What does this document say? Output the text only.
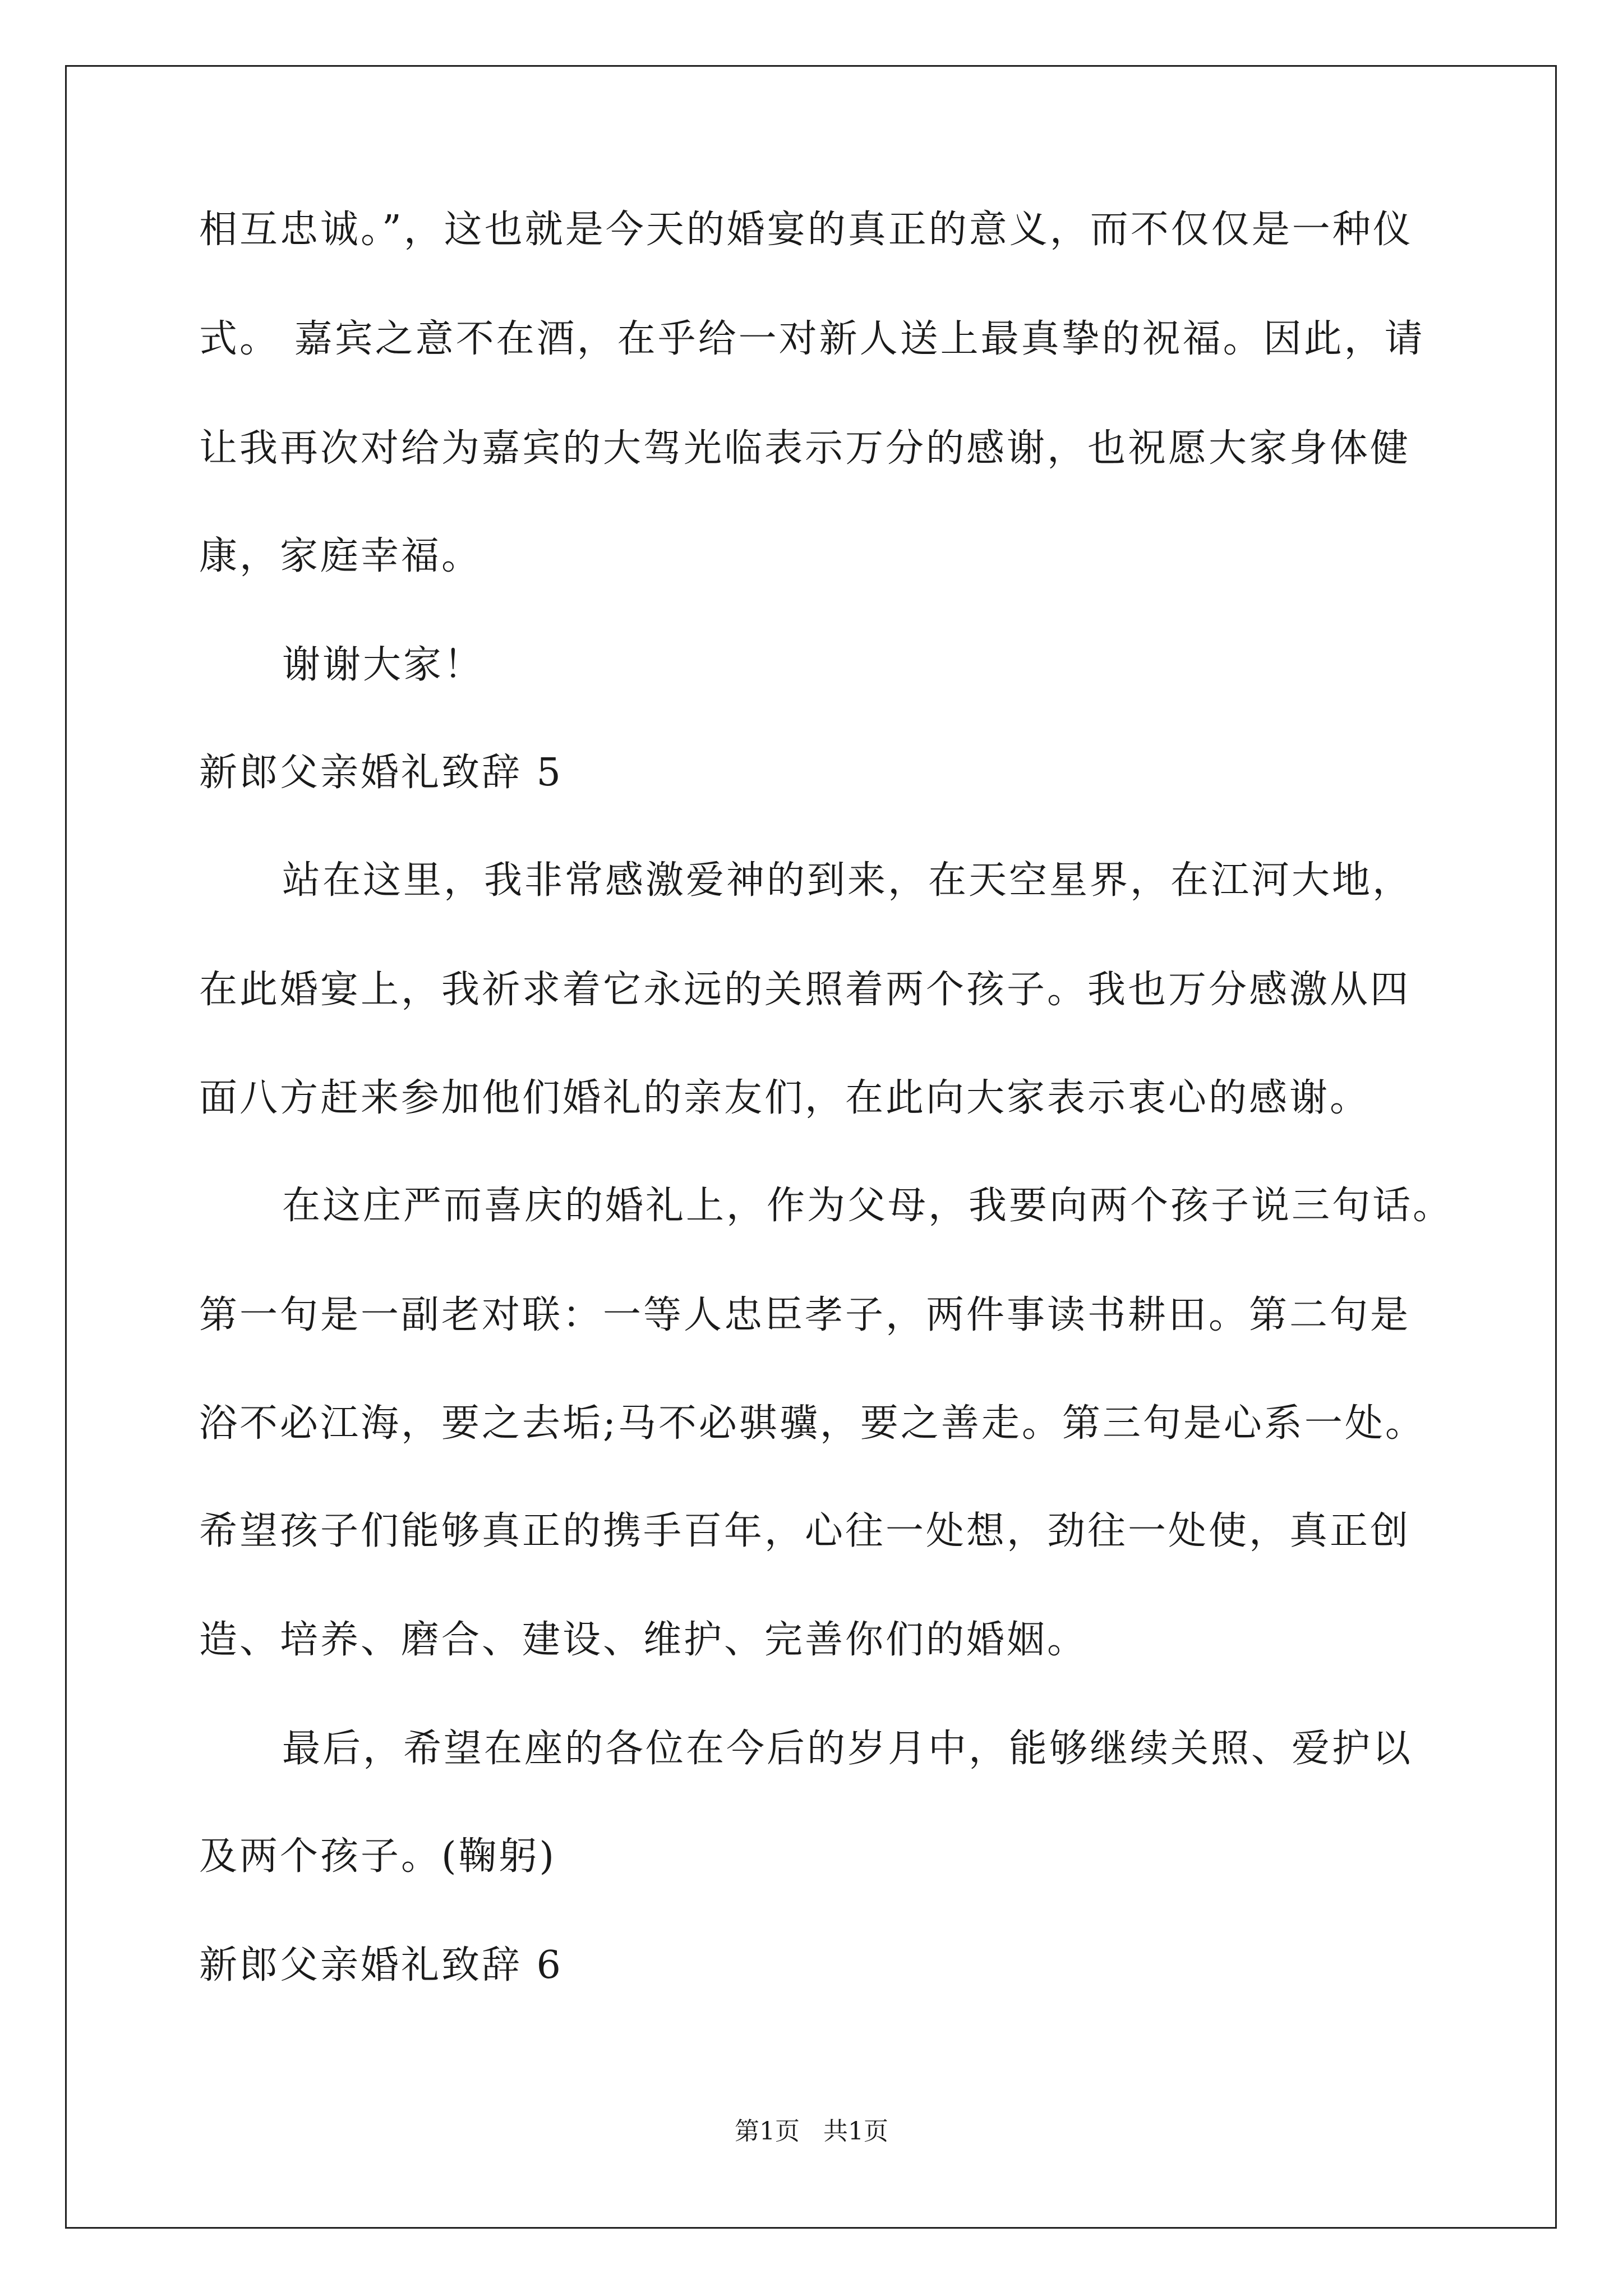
相互忠诚。”，这也就是今天的婚宴的真正的意义，而不仅仅是一种仪
式。 嘉宾之意不在酒，在乎给一对新人送上最真挚的祝福。因此，请
让我再次对给为嘉宾的大驾光临表示万分的感谢，也祝愿大家身体健
康，家庭幸福。
谢谢大家！
新郎父亲婚礼致辞 5
站在这里，我非常感激爱神的到来，在天空星界，在江河大地，
在此婚宴上，我祈求着它永远的关照着两个孩子。我也万分感激从四
面八方赶来参加他们婚礼的亲友们，在此向大家表示衷心的感谢。
在这庄严而喜庆的婚礼上，作为父母，我要向两个孩子说三句话。
第一句是一副老对联：一等人忠臣孝子，两件事读书耕田。第二句是
浴不必江海，要之去垢;马不必骐骥，要之善走。第三句是心系一处。
希望孩子们能够真正的携手百年，心往一处想，劲往一处使，真正创
造、培养、磨合、建设、维护、完善你们的婚姻。
最后，希望在座的各位在今后的岁月中，能够继续关照、爱护以
及两个孩子。(鞠躬)
新郎父亲婚礼致辞 6
第1页   共1页
